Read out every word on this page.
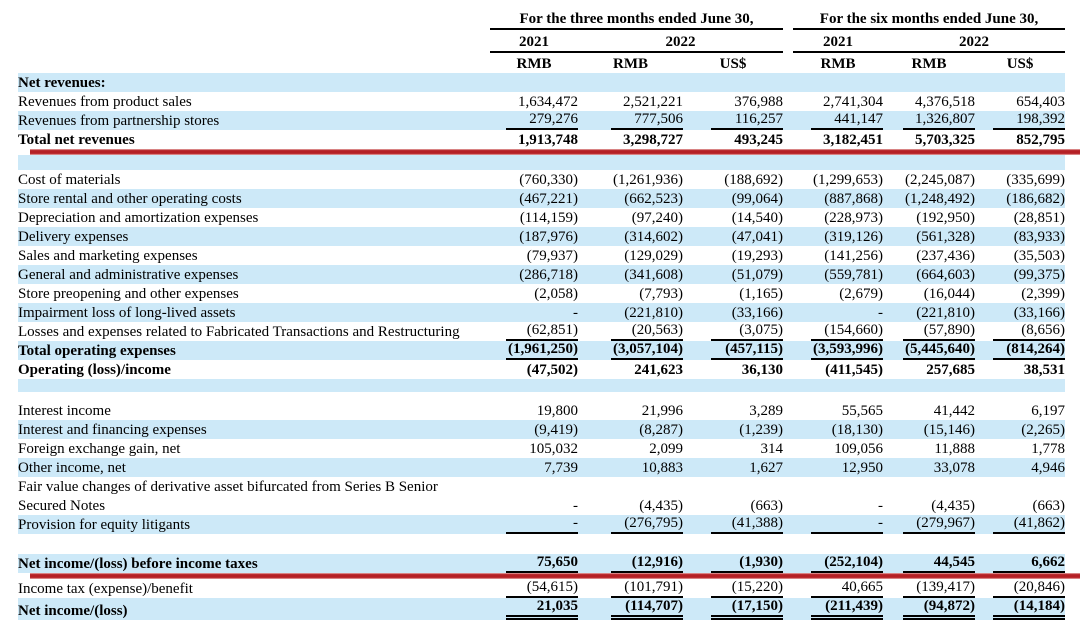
	For the three months ended June 30,				For the six months ended June 30,		
	2021	2022			2021	2022	
	RMB	RMB	US$		RMB	RMB	US$
Net revenues:							
Revenues from product sales	1,634,472	2,521,221	376,988		2,741,304	4,376,518	654,403
Revenues from partnership stores	279,276	777,506	116,257		441,147	1,326,807	198,392
Total net revenues	1,913,748	3,298,727	493,245		3,182,451	5,703,325	852,795

Cost of materials	(760,330)	(1,261,936)	(188,692)		(1,299,653)	(2,245,087)	(335,699)
Store rental and other operating costs	(467,221)	(662,523)	(99,064)		(887,868)	(1,248,492)	(186,682)
Depreciation and amortization expenses	(114,159)	(97,240)	(14,540)		(228,973)	(192,950)	(28,851)
Delivery expenses	(187,976)	(314,602)	(47,041)		(319,126)	(561,328)	(83,933)
Sales and marketing expenses	(79,937)	(129,029)	(19,293)		(141,256)	(237,436)	(35,503)
General and administrative expenses	(286,718)	(341,608)	(51,079)		(559,781)	(664,603)	(99,375)
Store preopening and other expenses	(2,058)	(7,793)	(1,165)		(2,679)	(16,044)	(2,399)
Impairment loss of long-lived assets	-	(221,810)	(33,166)		-	(221,810)	(33,166)
Losses and expenses related to Fabricated Transactions and Restructuring	(62,851)	(20,563)	(3,075)		(154,660)	(57,890)	(8,656)
Total operating expenses	(1,961,250)	(3,057,104)	(457,115)		(3,593,996)	(5,445,640)	(814,264)
Operating (loss)/income	(47,502)	241,623	36,130		(411,545)	257,685	38,531

Interest income	19,800	21,996	3,289		55,565	41,442	6,197
Interest and financing expenses	(9,419)	(8,287)	(1,239)		(18,130)	(15,146)	(2,265)
Foreign exchange gain, net	105,032	2,099	314		109,056	11,888	1,778
Other income, net	7,739	10,883	1,627		12,950	33,078	4,946
Fair value changes of derivative asset bifurcated from Series B Senior							
Secured Notes	-	(4,435)	(663)		-	(4,435)	(663)
Provision for equity litigants	-	(276,795)	(41,388)		-	(279,967)	(41,862)

Net income/(loss) before income taxes	75,650	(12,916)	(1,930)		(252,104)	44,545	6,662

Income tax (expense)/benefit	(54,615)	(101,791)	(15,220)		40,665	(139,417)	(20,846)
Net income/(loss)	21,035	(114,707)	(17,150)		(211,439)	(94,872)	(14,184)
